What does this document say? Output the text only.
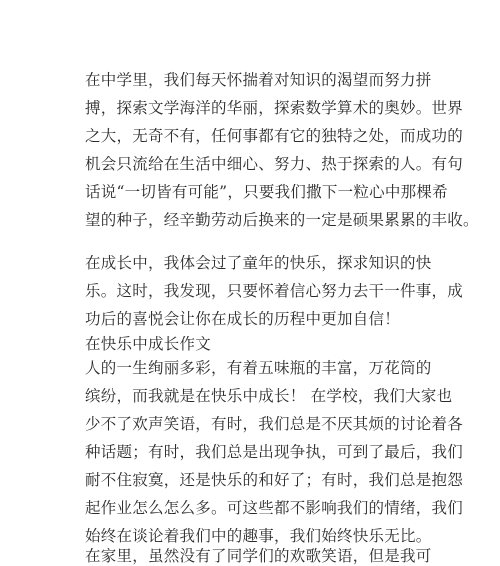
在中学里，我们每天怀揣着对知识的渴望而努力拼
搏，探索文学海洋的华丽，探索数学算术的奥妙。世界
之大，无奇不有，任何事都有它的独特之处，而成功的
机会只流给在生活中细心、努力、热于探索的人。有句
话说“一切皆有可能”，只要我们撒下一粒心中那棵希
望的种子，经辛勤劳动后换来的一定是硕果累累的丰收。
在成长中，我体会过了童年的快乐，探求知识的快
乐。这时，我发现，只要怀着信心努力去干一件事，成
功后的喜悦会让你在成长的历程中更加自信！
在快乐中成长作文
人的一生绚丽多彩，有着五味瓶的丰富，万花筒的
缤纷，而我就是在快乐中成长！ 在学校，我们大家也
少不了欢声笑语，有时，我们总是不厌其烦的讨论着各
种话题；有时，我们总是出现争执，可到了最后，我们
耐不住寂寞，还是快乐的和好了；有时，我们总是抱怨
起作业怎么怎么多。可这些都不影响我们的情绪，我们
始终在谈论着我们中的趣事，我们始终快乐无比。
在家里，虽然没有了同学们的欢歌笑语，但是我可
